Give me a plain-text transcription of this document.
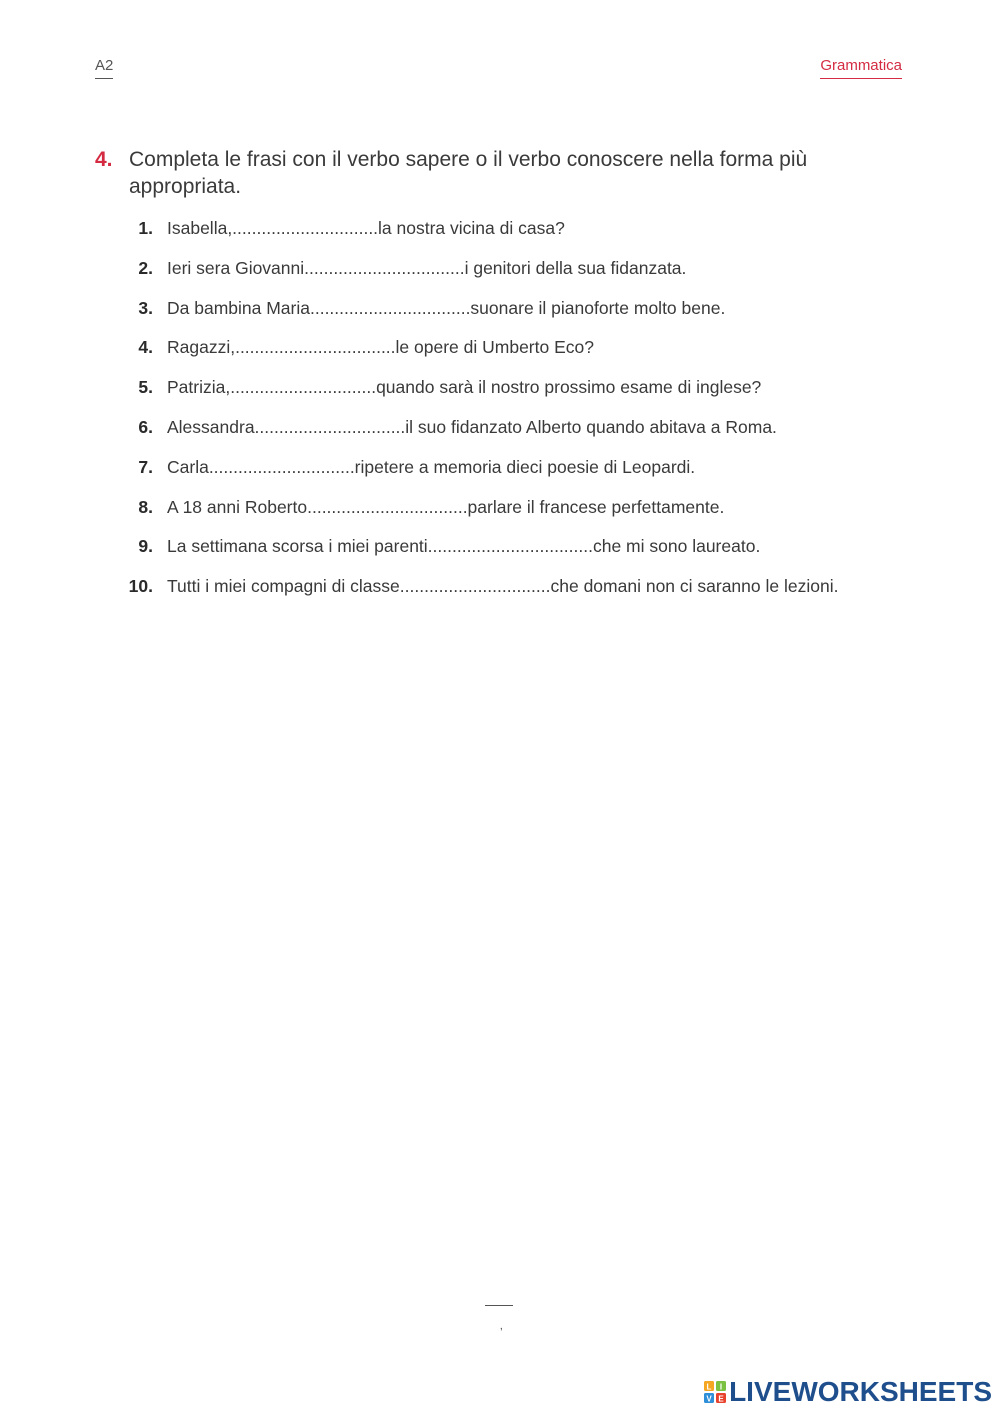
A2	Grammatica
4. Completa le frasi con il verbo sapere o il verbo conoscere nella forma più appropriata.
1. Isabella,..............................la nostra vicina di casa?
2. Ieri sera Giovanni.................................i genitori della sua fidanzata.
3. Da bambina Maria.................................suonare il pianoforte molto bene.
4. Ragazzi,.................................le opere di Umberto Eco?
5. Patrizia,..............................quando sarà il nostro prossimo esame di inglese?
6. Alessandra...............................il suo fidanzato Alberto quando abitava a Roma.
7. Carla..............................ripetere a memoria dieci poesie di Leopardi.
8. A 18 anni Roberto.................................parlare il francese perfettamente.
9. La settimana scorsa i miei parenti..................................che mi sono laureato.
10. Tutti i miei compagni di classe...............................che domani non ci saranno le lezioni.
‚
L I
V E LIVEWORKSHEETS
